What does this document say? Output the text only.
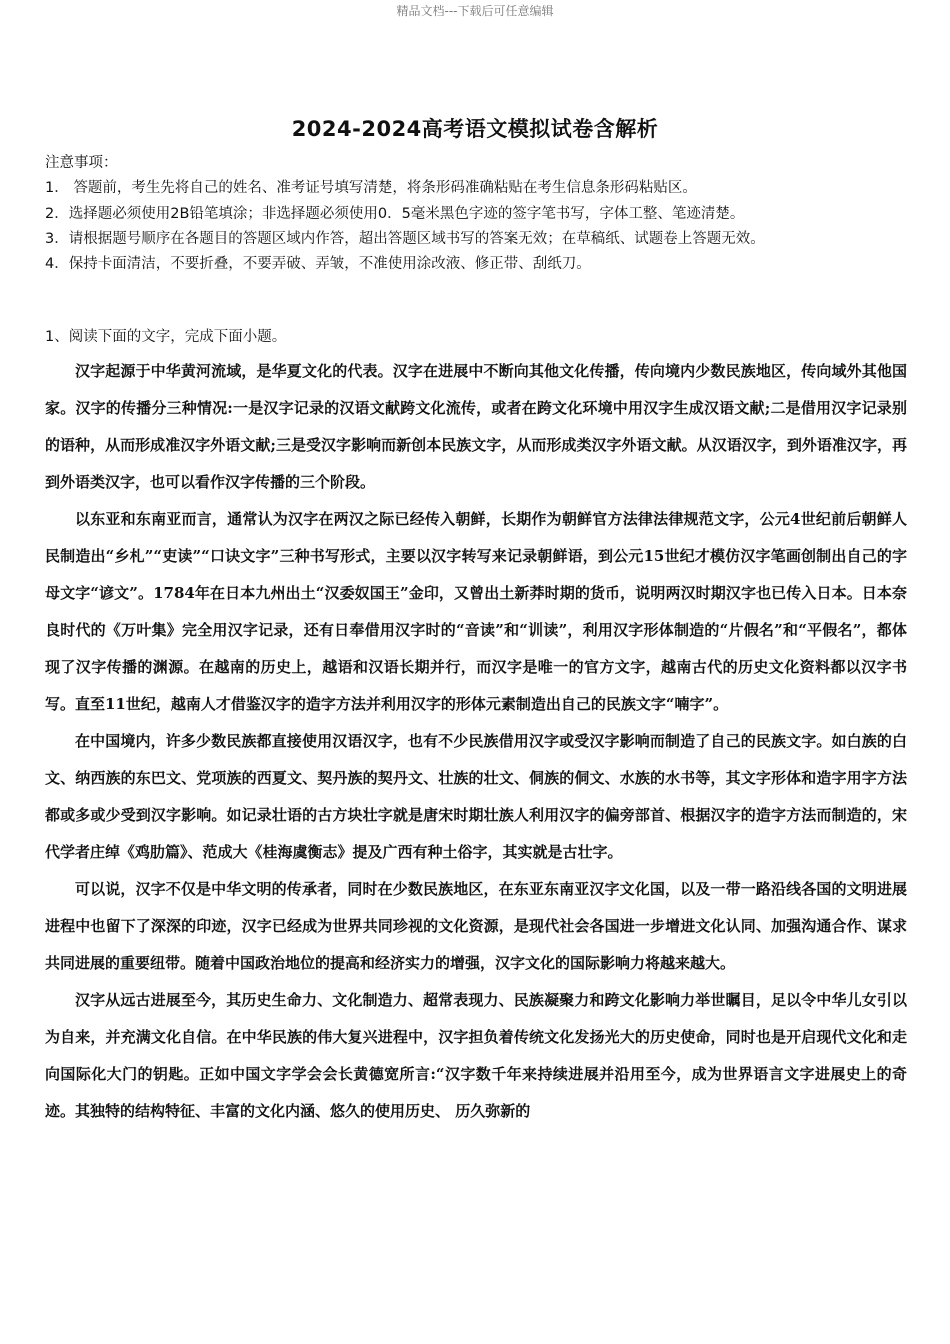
精品文档---下载后可任意编辑
2024-2024高考语文模拟试卷含解析
注意事项：
1． 答题前，考生先将自己的姓名、准考证号填写清楚，将条形码准确粘贴在考生信息条形码粘贴区。
2．选择题必须使用2B铅笔填涂；非选择题必须使用0．5毫米黑色字迹的签字笔书写，字体工整、笔迹清楚。
3．请根据题号顺序在各题目的答题区域内作答，超出答题区域书写的答案无效；在草稿纸、试题卷上答题无效。
4．保持卡面清洁，不要折叠，不要弄破、弄皱，不准使用涂改液、修正带、刮纸刀。
1、阅读下面的文字，完成下面小题。

汉字起源于中华黄河流域，是华夏文化的代表。汉字在进展中不断向其他文化传播，传向境内少数民族地区，传向域外其他国家。汉字的传播分三种情况:一是汉字记录的汉语文献跨文化流传，或者在跨文化环境中用汉字生成汉语文献;二是借用汉字记录别的语种，从而形成准汉字外语文献;三是受汉字影响而新创本民族文字，从而形成类汉字外语文献。从汉语汉字，到外语准汉字，再到外语类汉字，也可以看作汉字传播的三个阶段。

以东亚和东南亚而言，通常认为汉字在两汉之际已经传入朝鲜，长期作为朝鲜官方法律法律规范文字，公元4世纪前后朝鲜人民制造出“乡札”“吏读”“口诀文字”三种书写形式，主要以汉字转写来记录朝鲜语，到公元15世纪才模仿汉字笔画创制出自己的字母文字“谚文”。1784年在日本九州出土“汉委奴国王”金印，又曾出土新莽时期的货币，说明两汉时期汉字也已传入日本。日本奈良时代的《万叶集》完全用汉字记录，还有日奉借用汉字时的“音读”和“训读”，利用汉字形体制造的“片假名”和“平假名”，都体现了汉字传播的渊源。在越南的历史上，越语和汉语长期并行，而汉字是唯一的官方文字，越南古代的历史文化资料都以汉字书写。直至11世纪，越南人才借鉴汉字的造字方法并利用汉字的形体元素制造出自己的民族文字“喃字”。

在中国境内，许多少数民族都直接使用汉语汉字，也有不少民族借用汉字或受汉字影响而制造了自己的民族文字。如白族的白文、纳西族的东巴文、党项族的西夏文、契丹族的契丹文、壮族的壮文、侗族的侗文、水族的水书等，其文字形体和造字用字方法都或多或少受到汉字影响。如记录壮语的古方块壮字就是唐宋时期壮族人利用汉字的偏旁部首、根据汉字的造字方法而制造的，宋代学者庄绰《鸡肋篇》、范成大《桂海虞衡志》提及广西有种土俗字，其实就是古壮字。

可以说，汉字不仅是中华文明的传承者，同时在少数民族地区，在东亚东南亚汉字文化国，以及一带一路沿线各国的文明进展进程中也留下了深深的印迹，汉字已经成为世界共同珍视的文化资源，是现代社会各国进一步增进文化认同、加强沟通合作、谋求共同进展的重要纽带。随着中国政治地位的提高和经济实力的增强，汉字文化的国际影响力将越来越大。

汉字从远古进展至今，其历史生命力、文化制造力、超常表现力、民族凝聚力和跨文化影响力举世瞩目，足以令中华儿女引以为自来，并充满文化自信。在中华民族的伟大复兴进程中，汉字担负着传统文化发扬光大的历史使命，同时也是开启现代文化和走向国际化大门的钥匙。正如中国文字学会会长黄德宽所言:“汉字数千年来持续进展并沿用至今，成为世界语言文字进展史上的奇迹。其独特的结构特征、丰富的文化内涵、悠久的使用历史、 历久弥新的
